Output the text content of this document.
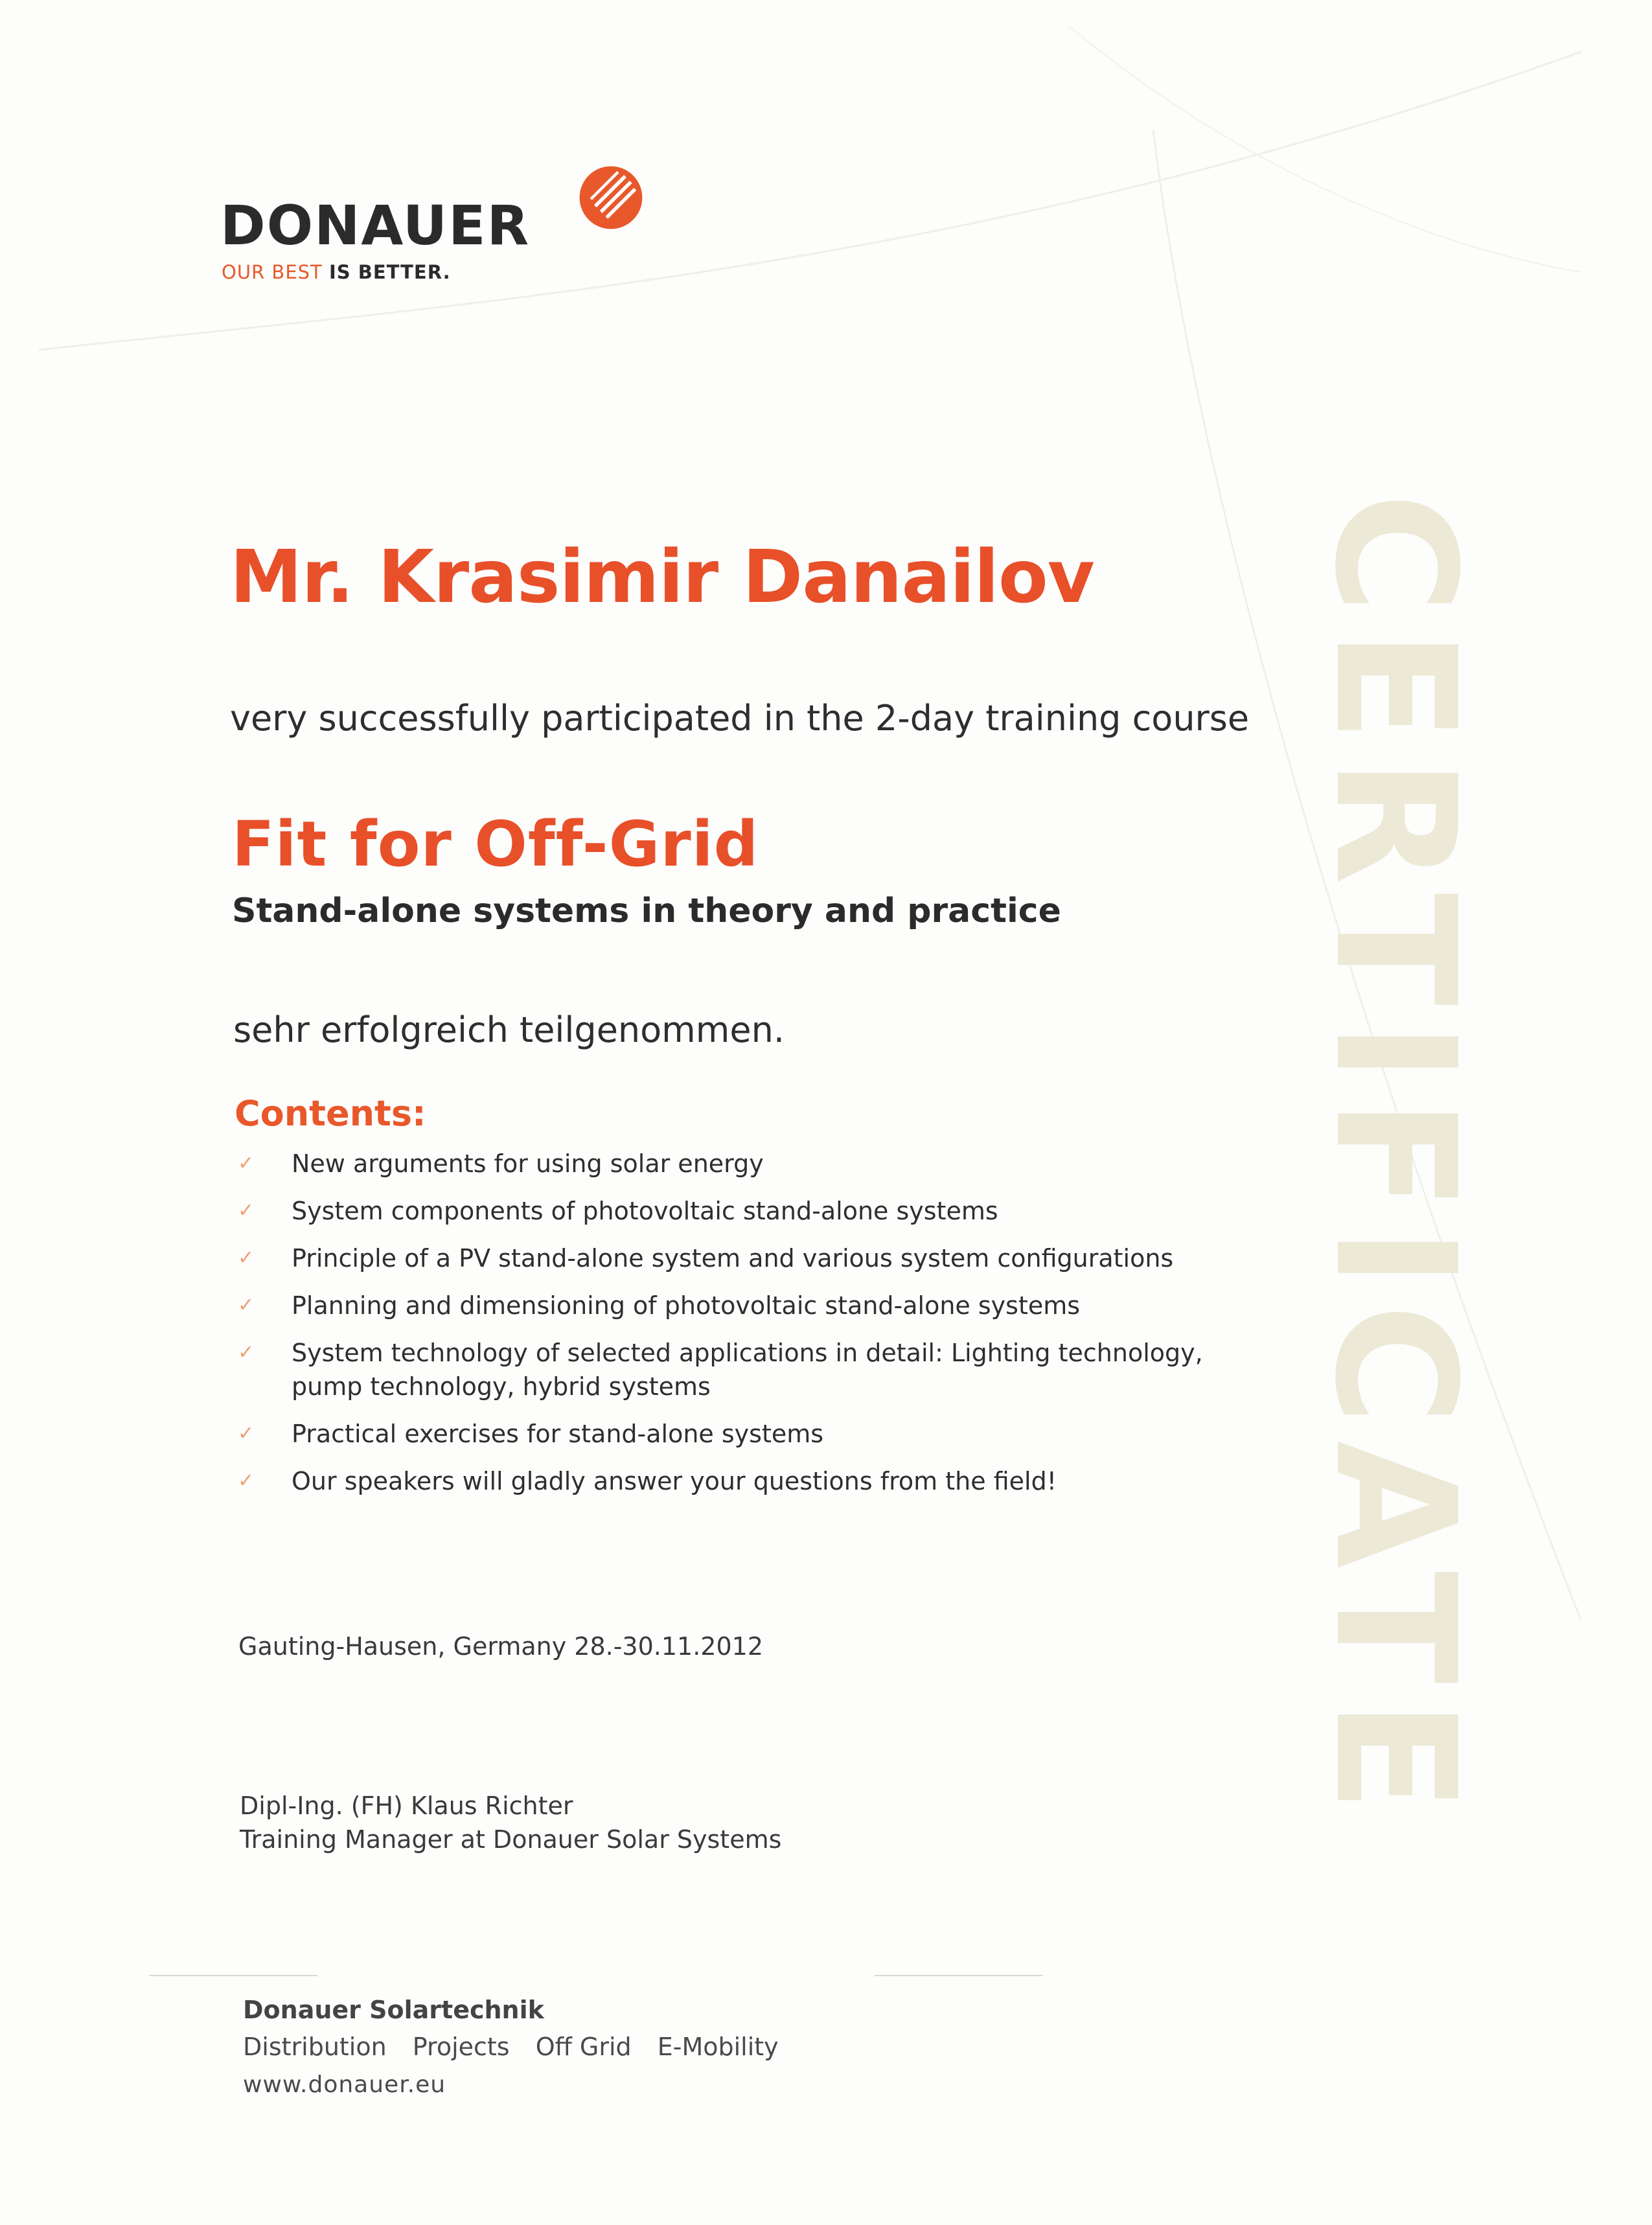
DONAUER
OUR BEST IS BETTER.
CERTIFICATE
Mr. Krasimir Danailov
very successfully participated in the 2-day training course
Fit for Off-Grid
Stand-alone systems in theory and practice
sehr erfolgreich teilgenommen.
Contents:
✓ New arguments for using solar energy
✓ System components of photovoltaic stand-alone systems
✓ Principle of a PV stand-alone system and various system configurations
✓ Planning and dimensioning of photovoltaic stand-alone systems
✓ System technology of selected applications in detail: Lighting technology, pump technology, hybrid systems
✓ Practical exercises for stand-alone systems
✓ Our speakers will gladly answer your questions from the field!
Gauting-Hausen, Germany 28.-30.11.2012
Dipl-Ing. (FH) Klaus Richter
Training Manager at Donauer Solar Systems
Donauer Solartechnik
Distribution Projects Off Grid E-Mobility
www.donauer.eu
